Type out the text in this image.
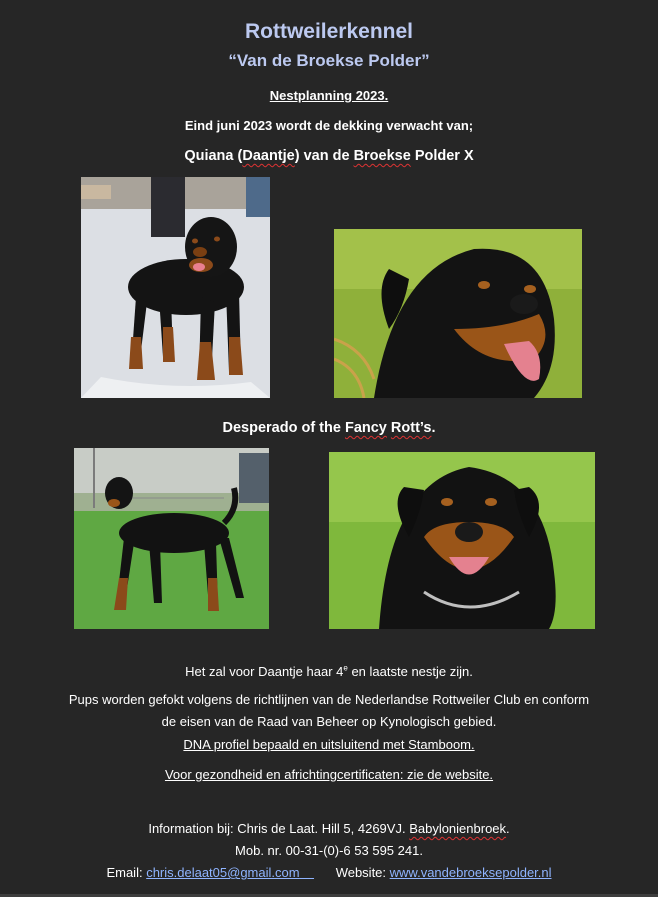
Rottweilerkennel
“Van de Broekse Polder”
Nestplanning 2023.
Eind juni 2023 wordt de dekking verwacht van;
Quiana (Daantje) van de Broekse Polder X
Desperado of the Fancy Rott’s.
Het zal voor Daantje haar 4e en laatste nestje zijn.
Pups worden gefokt volgens de richtlijnen van de Nederlandse Rottweiler Club en conform
de eisen van de Raad van Beheer op Kynologisch gebied.
DNA profiel bepaald en uitsluitend met Stamboom.
Voor gezondheid en africhtingcertificaten: zie de website.
Information bij: Chris de Laat. Hill 5, 4269VJ. Babylonienbroek.
Mob. nr. 00-31-(0)-6 53 595 241.
Email: chris.delaat05@gmail.com	Website: www.vandebroeksepolder.nl
